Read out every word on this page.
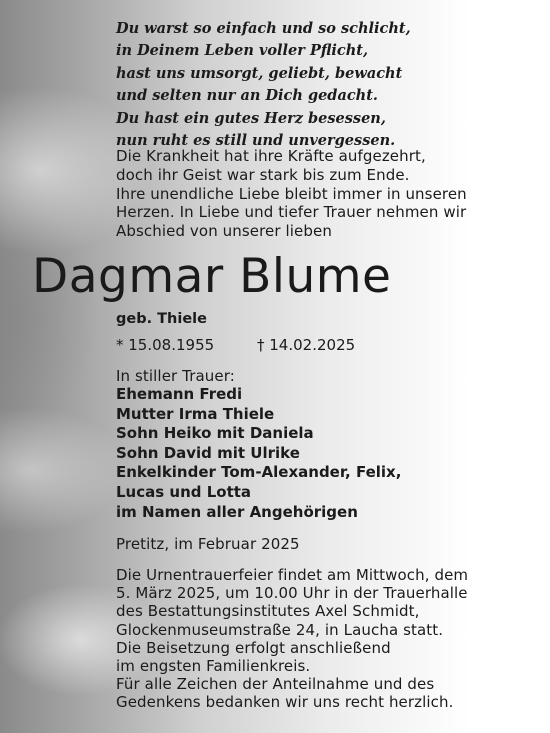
Du warst so einfach und so schlicht,
in Deinem Leben voller Pflicht,
hast uns umsorgt, geliebt, bewacht
und selten nur an Dich gedacht.
Du hast ein gutes Herz besessen,
nun ruht es still und unvergessen.

Die Krankheit hat ihre Kräfte aufgezehrt,
doch ihr Geist war stark bis zum Ende.
Ihre unendliche Liebe bleibt immer in unseren
Herzen. In Liebe und tiefer Trauer nehmen wir
Abschied von unserer lieben

Dagmar Blume
geb. Thiele
* 15.08.1955	† 14.02.2025

In stiller Trauer:

Ehemann Fredi
Mutter Irma Thiele
Sohn Heiko mit Daniela
Sohn David mit Ulrike
Enkelkinder Tom-Alexander, Felix,
Lucas und Lotta
im Namen aller Angehörigen

Pretitz, im Februar 2025

Die Urnentrauerfeier findet am Mittwoch, dem
5. März 2025, um 10.00 Uhr in der Trauerhalle
des Bestattungsinstitutes Axel Schmidt,
Glockenmuseumstraße 24, in Laucha statt.
Die Beisetzung erfolgt anschließend
im engsten Familienkreis.
Für alle Zeichen der Anteilnahme und des
Gedenkens bedanken wir uns recht herzlich.
